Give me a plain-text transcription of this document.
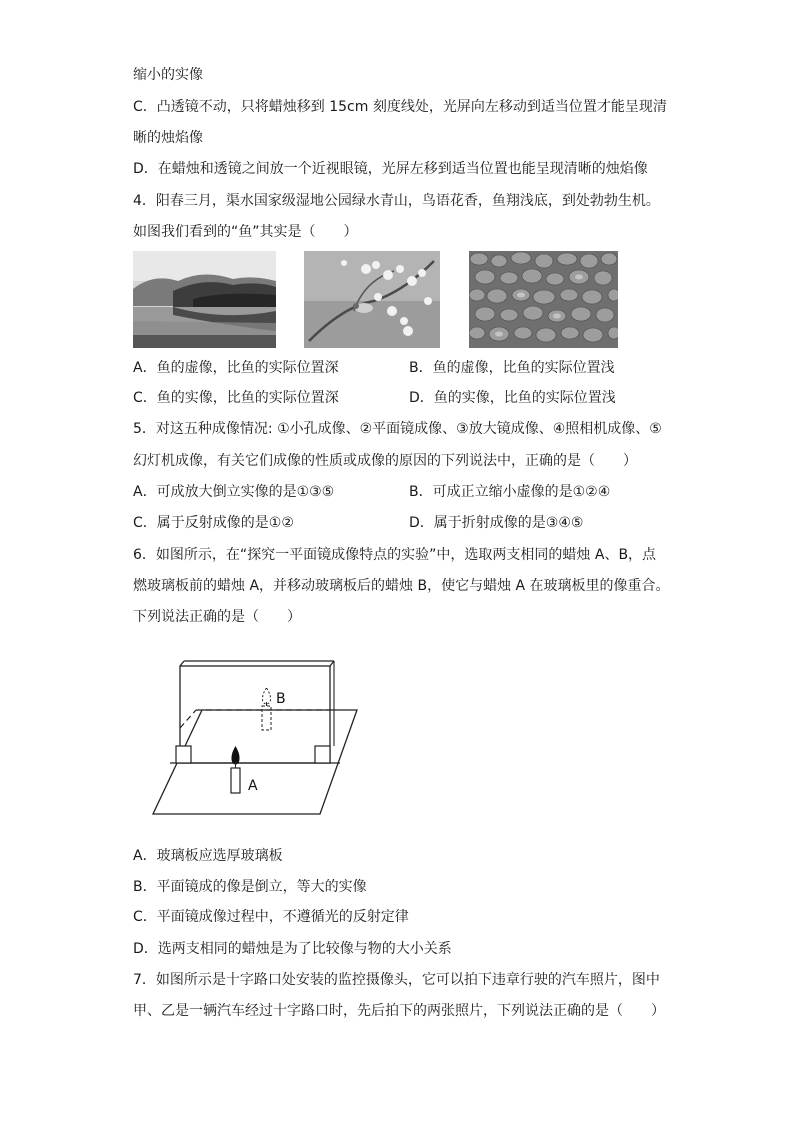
缩小的实像
C．凸透镜不动，只将蜡烛移到 15cm 刻度线处，光屏向左移动到适当位置才能呈现清
晰的烛焰像
D．在蜡烛和透镜之间放一个近视眼镜，光屏左移到适当位置也能呈现清晰的烛焰像
4．阳春三月，渠水国家级湿地公园绿水青山，鸟语花香，鱼翔浅底，到处勃勃生机。
如图我们看到的“鱼”其实是（　　）
A．鱼的虚像，比鱼的实际位置深	B．鱼的虚像，比鱼的实际位置浅
C．鱼的实像，比鱼的实际位置深	D．鱼的实像，比鱼的实际位置浅
5．对这五种成像情况: ①小孔成像、②平面镜成像、③放大镜成像、④照相机成像、⑤
幻灯机成像，有关它们成像的性质或成像的原因的下列说法中，正确的是（　　）
A．可成放大倒立实像的是①③⑤	B．可成正立缩小虚像的是①②④
C．属于反射成像的是①②	D．属于折射成像的是③④⑤
6．如图所示，在“探究一平面镜成像特点的实验”中，选取两支相同的蜡烛 A、B，点
燃玻璃板前的蜡烛 A，并移动玻璃板后的蜡烛 B，使它与蜡烛 A 在玻璃板里的像重合。
下列说法正确的是（　　）
B
A
A．玻璃板应选厚玻璃板
B．平面镜成的像是倒立，等大的实像
C．平面镜成像过程中，不遵循光的反射定律
D．选两支相同的蜡烛是为了比较像与物的大小关系
7．如图所示是十字路口处安装的监控摄像头，它可以拍下违章行驶的汽车照片，图中
甲、乙是一辆汽车经过十字路口时，先后拍下的两张照片，下列说法正确的是（　　）
